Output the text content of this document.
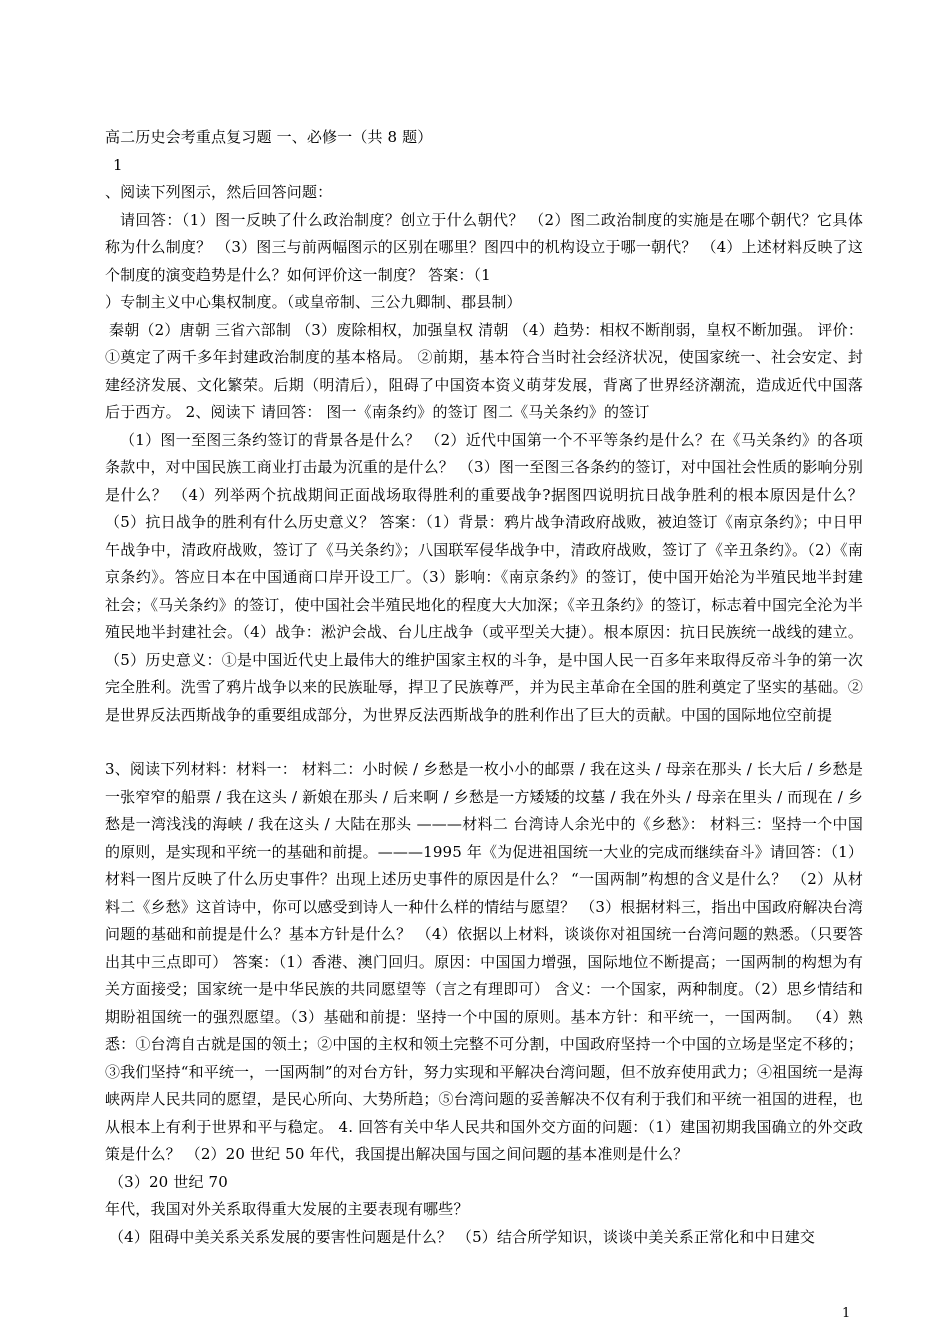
高二历史会考重点复习题 一、必修一（共 8 题）

1

、阅读下列图示，然后回答问题：

请回答：（1）图一反映了什么政治制度？创立于什么朝代？ （2）图二政治制度的实施是在哪个朝代？它具体称为什么制度？ （3）图三与前两幅图示的区别在哪里？图四中的机构设立于哪一朝代？ （4）上述材料反映了这个制度的演变趋势是什么？如何评价这一制度？ 答案：（1

）专制主义中心集权制度。（或皇帝制、三公九卿制、郡县制）

秦朝（2）唐朝 三省六部制 （3）废除相权，加强皇权 清朝 （4）趋势：相权不断削弱，皇权不断加强。 评价：①奠定了两千多年封建政治制度的基本格局。 ②前期，基本符合当时社会经济状况，使国家统一、社会安定、封建经济发展、文化繁荣。后期（明清后），阻碍了中国资本资义萌芽发展，背离了世界经济潮流，造成近代中国落后于西方。 2、阅读下 请回答： 图一《南条约》的签订 图二《马关条约》的签订

（1）图一至图三条约签订的背景各是什么？ （2）近代中国第一个不平等条约是什么？在《马关条约》的各项条款中，对中国民族工商业打击最为沉重的是什么？ （3）图一至图三各条约的签订，对中国社会性质的影响分别是什么？ （4）列举两个抗战期间正面战场取得胜利的重要战争?据图四说明抗日战争胜利的根本原因是什么？ （5）抗日战争的胜利有什么历史意义？ 答案：（1）背景：鸦片战争清政府战败，被迫签订《南京条约》；中日甲午战争中，清政府战败，签订了《马关条约》；八国联军侵华战争中，清政府战败，签订了《辛丑条约》。（2）《南京条约》。答应日本在中国通商口岸开设工厂。（3）影响：《南京条约》的签订，使中国开始沦为半殖民地半封建社会；《马关条约》的签订，使中国社会半殖民地化的程度大大加深；《辛丑条约》的签订，标志着中国完全沦为半殖民地半封建社会。（4）战争：淞沪会战、台儿庄战争（或平型关大捷）。根本原因：抗日民族统一战线的建立。（5）历史意义：①是中国近代史上最伟大的维护国家主权的斗争，是中国人民一百多年来取得反帝斗争的第一次完全胜利。洗雪了鸦片战争以来的民族耻辱，捍卫了民族尊严，并为民主革命在全国的胜利奠定了坚实的基础。②是世界反法西斯战争的重要组成部分，为世界反法西斯战争的胜利作出了巨大的贡献。中国的国际地位空前提

3、阅读下列材料：材料一： 材料二：小时候 / 乡愁是一枚小小的邮票 / 我在这头 / 母亲在那头 / 长大后 / 乡愁是一张窄窄的船票 / 我在这头 / 新娘在那头 / 后来啊 / 乡愁是一方矮矮的坟墓 / 我在外头 / 母亲在里头 / 而现在 / 乡愁是一湾浅浅的海峡 / 我在这头 / 大陆在那头 ———材料二 台湾诗人余光中的《乡愁》： 材料三：坚持一个中国的原则，是实现和平统一的基础和前提。———1995 年《为促进祖国统一大业的完成而继续奋斗》请回答：（1）材料一图片反映了什么历史事件？出现上述历史事件的原因是什么？ “一国两制”构想的含义是什么？ （2）从材料二《乡愁》这首诗中，你可以感受到诗人一种什么样的情结与愿望？ （3）根据材料三，指出中国政府解决台湾问题的基础和前提是什么？基本方针是什么？ （4）依据以上材料，谈谈你对祖国统一台湾问题的熟悉。（只要答出其中三点即可） 答案：（1）香港、澳门回归。原因：中国国力增强，国际地位不断提高；一国两制的构想为有关方面接受；国家统一是中华民族的共同愿望等（言之有理即可） 含义：一个国家，两种制度。（2）思乡情结和期盼祖国统一的强烈愿望。（3）基础和前提：坚持一个中国的原则。基本方针：和平统一，一国两制。 （4）熟悉：①台湾自古就是国的领土；②中国的主权和领土完整不可分割，中国政府坚持一个中国的立场是坚定不移的；③我们坚持“和平统一，一国两制”的对台方针，努力实现和平解决台湾问题，但不放弃使用武力；④祖国统一是海峡两岸人民共同的愿望，是民心所向、大势所趋；⑤台湾问题的妥善解决不仅有利于我们和平统一祖国的进程，也从根本上有利于世界和平与稳定。 4. 回答有关中华人民共和国外交方面的问题：（1）建国初期我国确立的外交政策是什么？ （2）20 世纪 50 年代，我国提出解决国与国之间问题的基本准则是什么？

（3）20 世纪 70

年代，我国对外关系取得重大发展的主要表现有哪些？

（4）阻碍中美关系关系发展的要害性问题是什么？ （5）结合所学知识，谈谈中美关系正常化和中日建交

1
